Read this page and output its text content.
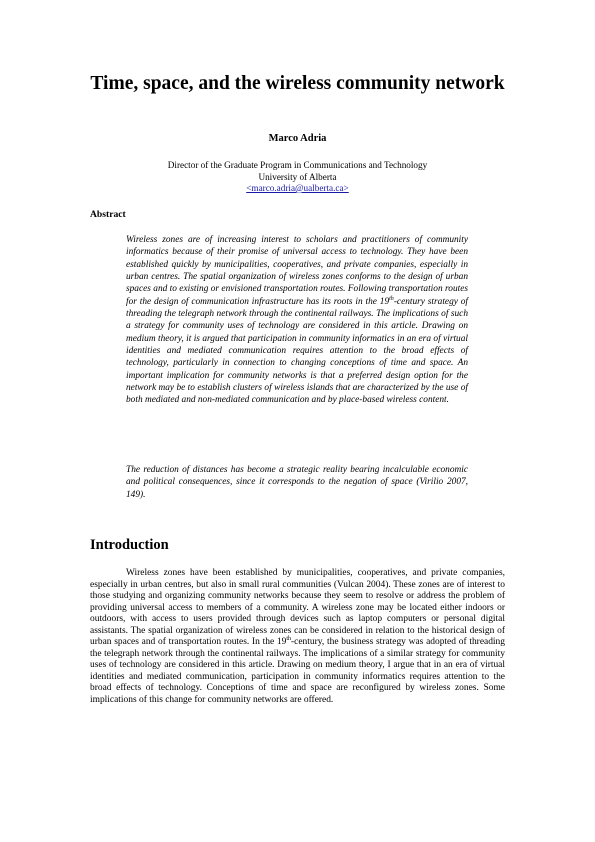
Time, space, and the wireless community network
Marco Adria
Director of the Graduate Program in Communications and Technology
University of Alberta
<marco.adria@ualberta.ca>
Abstract

Wireless zones are of increasing interest to scholars and practitioners of community informatics because of their promise of universal access to technology. They have been established quickly by municipalities, cooperatives, and private companies, especially in urban centres. The spatial organization of wireless zones conforms to the design of urban spaces and to existing or envisioned transportation routes. Following transportation routes for the design of communication infrastructure has its roots in the 19th-century strategy of threading the telegraph network through the continental railways. The implications of such a strategy for community uses of technology are considered in this article. Drawing on medium theory, it is argued that participation in community informatics in an era of virtual identities and mediated communication requires attention to the broad effects of technology, particularly in connection to changing conceptions of time and space. An important implication for community networks is that a preferred design option for the network may be to establish clusters of wireless islands that are characterized by the use of both mediated and non-mediated communication and by place-based wireless content.

The reduction of distances has become a strategic reality bearing incalculable economic and political consequences, since it corresponds to the negation of space (Virilio 2007, 149).

Introduction

Wireless zones have been established by municipalities, cooperatives, and private companies, especially in urban centres, but also in small rural communities (Vulcan 2004). These zones are of interest to those studying and organizing community networks because they seem to resolve or address the problem of providing universal access to members of a community. A wireless zone may be located either indoors or outdoors, with access to users provided through devices such as laptop computers or personal digital assistants. The spatial organization of wireless zones can be considered in relation to the historical design of urban spaces and of transportation routes. In the 19th-century, the business strategy was adopted of threading the telegraph network through the continental railways. The implications of a similar strategy for community uses of technology are considered in this article. Drawing on medium theory, I argue that in an era of virtual identities and mediated communication, participation in community informatics requires attention to the broad effects of technology. Conceptions of time and space are reconfigured by wireless zones. Some implications of this change for community networks are offered.
